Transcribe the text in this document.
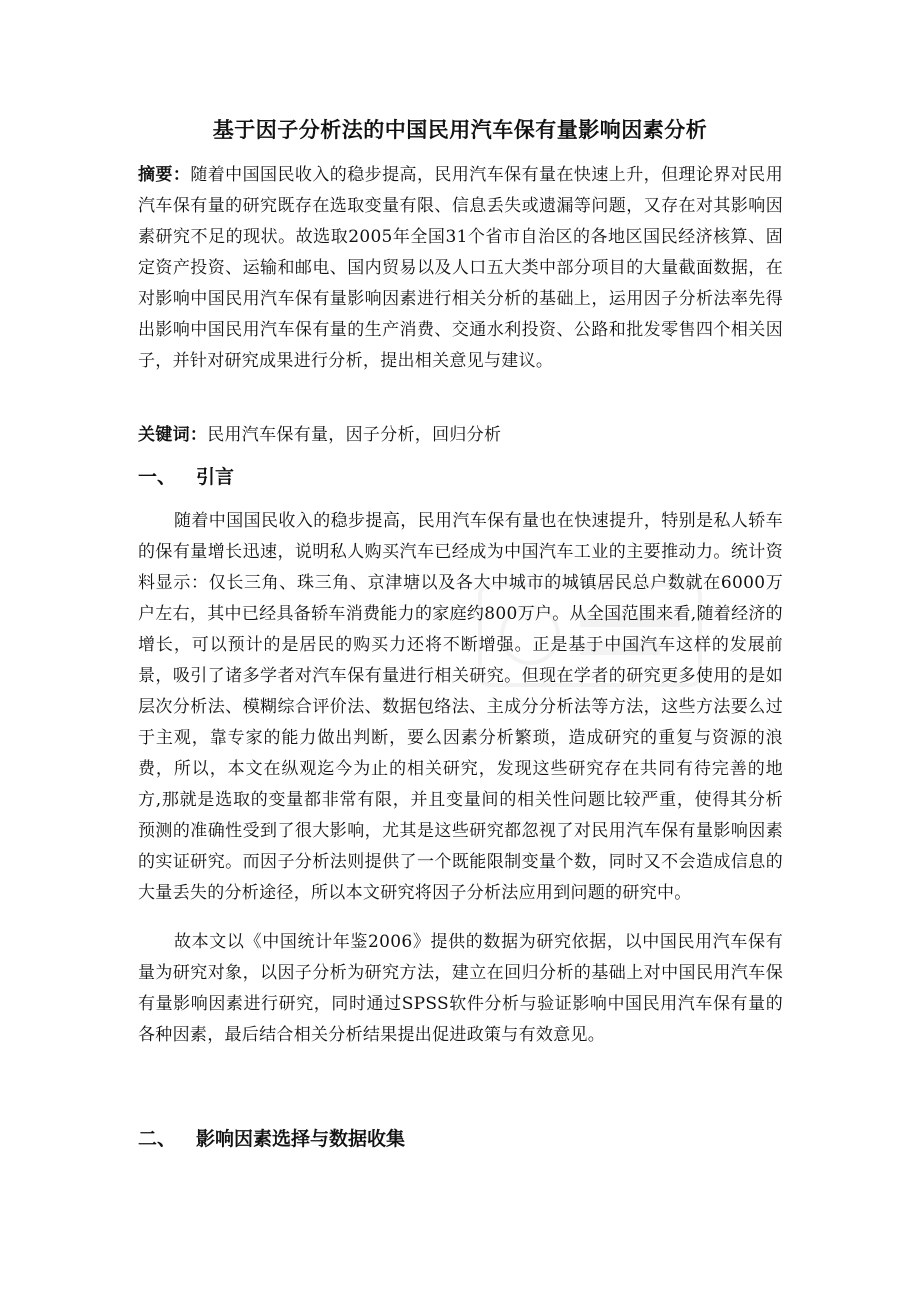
基于因子分析法的中国民用汽车保有量影响因素分析

摘要：随着中国国民收入的稳步提高，民用汽车保有量在快速上升，但理论界对民用汽车保有量的研究既存在选取变量有限、信息丢失或遗漏等问题，又存在对其影响因素研究不足的现状。故选取2005年全国31个省市自治区的各地区国民经济核算、固定资产投资、运输和邮电、国内贸易以及人口五大类中部分项目的大量截面数据，在对影响中国民用汽车保有量影响因素进行相关分析的基础上，运用因子分析法率先得出影响中国民用汽车保有量的生产消费、交通水利投资、公路和批发零售四个相关因子，并针对研究成果进行分析，提出相关意见与建议。

关键词：民用汽车保有量，因子分析，回归分析

一、 引言

随着中国国民收入的稳步提高，民用汽车保有量也在快速提升，特别是私人轿车的保有量增长迅速，说明私人购买汽车已经成为中国汽车工业的主要推动力。统计资料显示：仅长三角、珠三角、京津塘以及各大中城市的城镇居民总户数就在6000万户左右，其中已经具备轿车消费能力的家庭约800万户。从全国范围来看,随着经济的增长，可以预计的是居民的购买力还将不断增强。正是基于中国汽车这样的发展前景，吸引了诸多学者对汽车保有量进行相关研究。但现在学者的研究更多使用的是如层次分析法、模糊综合评价法、数据包络法、主成分分析法等方法，这些方法要么过于主观，靠专家的能力做出判断，要么因素分析繁琐，造成研究的重复与资源的浪费，所以，本文在纵观迄今为止的相关研究，发现这些研究存在共同有待完善的地方,那就是选取的变量都非常有限，并且变量间的相关性问题比较严重，使得其分析预测的准确性受到了很大影响，尤其是这些研究都忽视了对民用汽车保有量影响因素的实证研究。而因子分析法则提供了一个既能限制变量个数，同时又不会造成信息的大量丢失的分析途径，所以本文研究将因子分析法应用到问题的研究中。

故本文以《中国统计年鉴2006》提供的数据为研究依据，以中国民用汽车保有量为研究对象，以因子分析为研究方法，建立在回归分析的基础上对中国民用汽车保有量影响因素进行研究，同时通过SPSS软件分析与验证影响中国民用汽车保有量的各种因素，最后结合相关分析结果提出促进政策与有效意见。

二、 影响因素选择与数据收集
